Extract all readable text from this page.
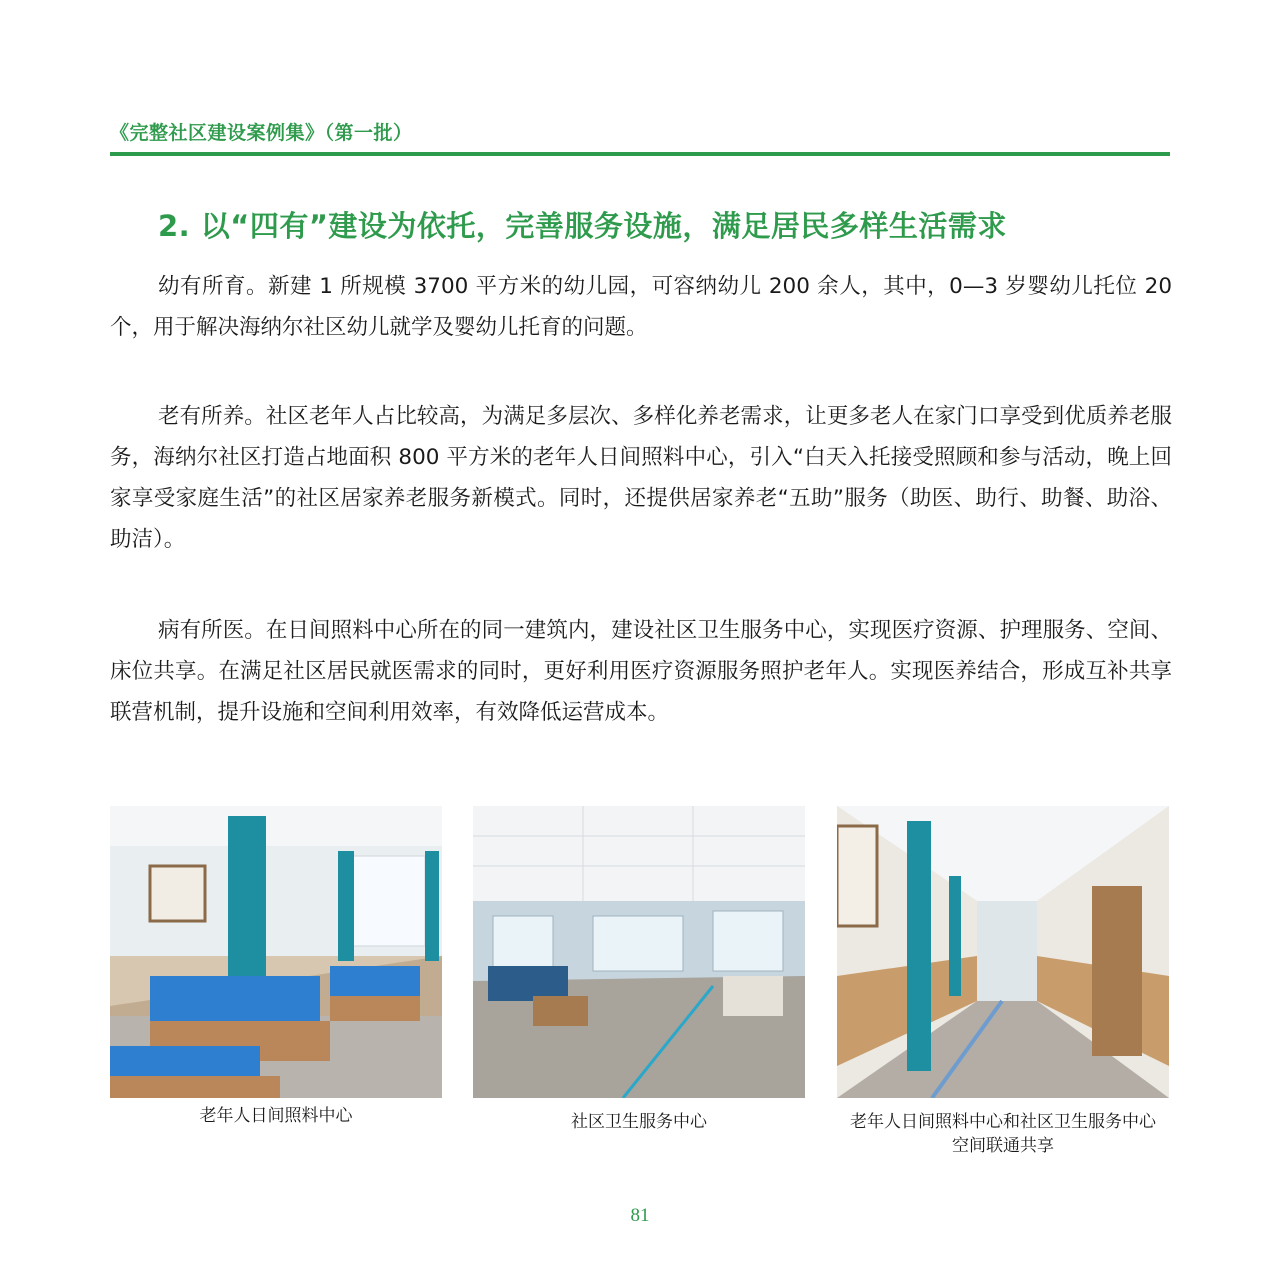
《完整社区建设案例集》（第一批）
2. 以“四有”建设为依托，完善服务设施，满足居民多样生活需求

幼有所育。新建 1 所规模 3700 平方米的幼儿园，可容纳幼儿 200 余人，其中，0—3 岁婴幼儿托位 20 个，用于解决海纳尔社区幼儿就学及婴幼儿托育的问题。

老有所养。社区老年人占比较高，为满足多层次、多样化养老需求，让更多老人在家门口享受到优质养老服务，海纳尔社区打造占地面积 800 平方米的老年人日间照料中心，引入“白天入托接受照顾和参与活动，晚上回家享受家庭生活”的社区居家养老服务新模式。同时，还提供居家养老“五助”服务（助医、助行、助餐、助浴、助洁）。

病有所医。在日间照料中心所在的同一建筑内，建设社区卫生服务中心，实现医疗资源、护理服务、空间、床位共享。在满足社区居民就医需求的同时，更好利用医疗资源服务照护老年人。实现医养结合，形成互补共享联营机制，提升设施和空间利用效率，有效降低运营成本。

老年人日间照料中心	社区卫生服务中心	老年人日间照料中心和社区卫生服务中心
空间联通共享
81
